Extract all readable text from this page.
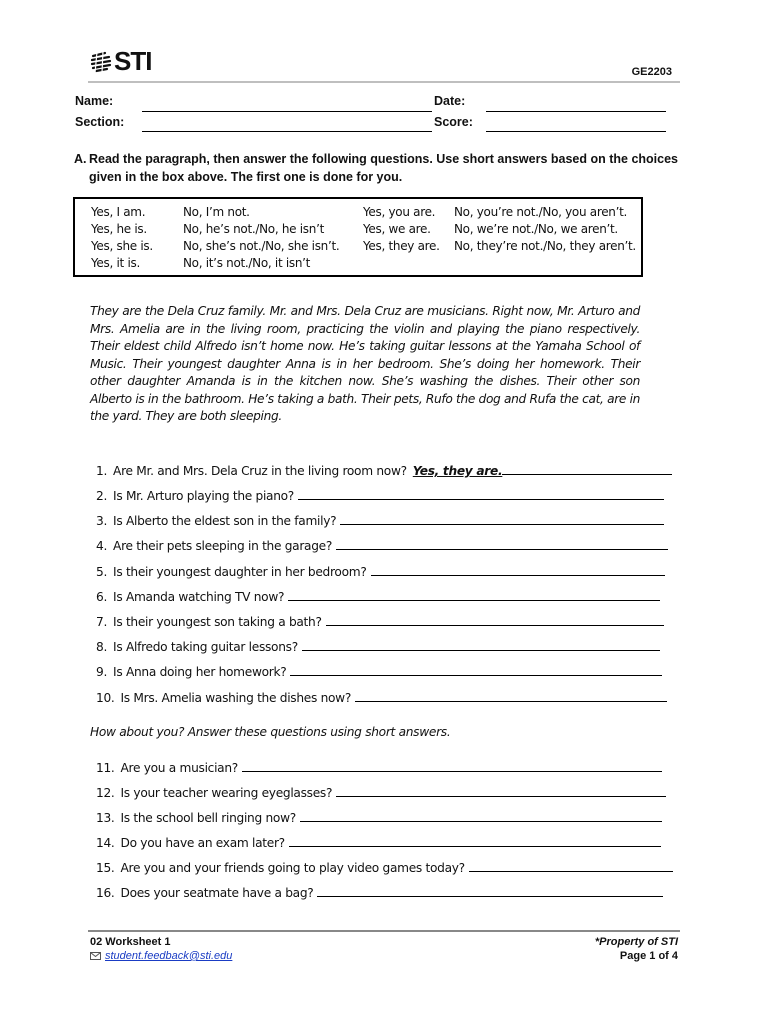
STI	GE2203
Name:	Date:
Section:	Score:
A. Read the paragraph, then answer the following questions. Use short answers based on the choices given in the box above. The first one is done for you.
Yes, I am.	No, I’m not.	Yes, you are. No, you’re not./No, you aren’t.
Yes, he is.	No, he’s not./No, he isn’t	Yes, we are. No, we’re not./No, we aren’t.
Yes, she is.	No, she’s not./No, she isn’t. Yes, they are. No, they’re not./No, they aren’t.
Yes, it is.	No, it’s not./No, it isn’t
They are the Dela Cruz family. Mr. and Mrs. Dela Cruz are musicians. Right now, Mr. Arturo and Mrs. Amelia are in the living room, practicing the violin and playing the piano respectively. Their eldest child Alfredo isn’t home now. He’s taking guitar lessons at the Yamaha School of Music. Their youngest daughter Anna is in her bedroom. She’s doing her homework. Their other daughter Amanda is in the kitchen now. She’s washing the dishes. Their other son Alberto is in the bathroom. He’s taking a bath. Their pets, Rufo the dog and Rufa the cat, are in the yard. They are both sleeping.
1. Are Mr. and Mrs. Dela Cruz in the living room now? Yes, they are.
2. Is Mr. Arturo playing the piano?
3. Is Alberto the eldest son in the family?
4. Are their pets sleeping in the garage?
5. Is their youngest daughter in her bedroom?
6. Is Amanda watching TV now?
7. Is their youngest son taking a bath?
8. Is Alfredo taking guitar lessons?
9. Is Anna doing her homework?
10. Is Mrs. Amelia washing the dishes now?
How about you? Answer these questions using short answers.
11. Are you a musician?
12. Is your teacher wearing eyeglasses?
13. Is the school bell ringing now?
14. Do you have an exam later?
15. Are you and your friends going to play video games today?
16. Does your seatmate have a bag?
02 Worksheet 1
student.feedback@sti.edu
*Property of STI
Page 1 of 4
